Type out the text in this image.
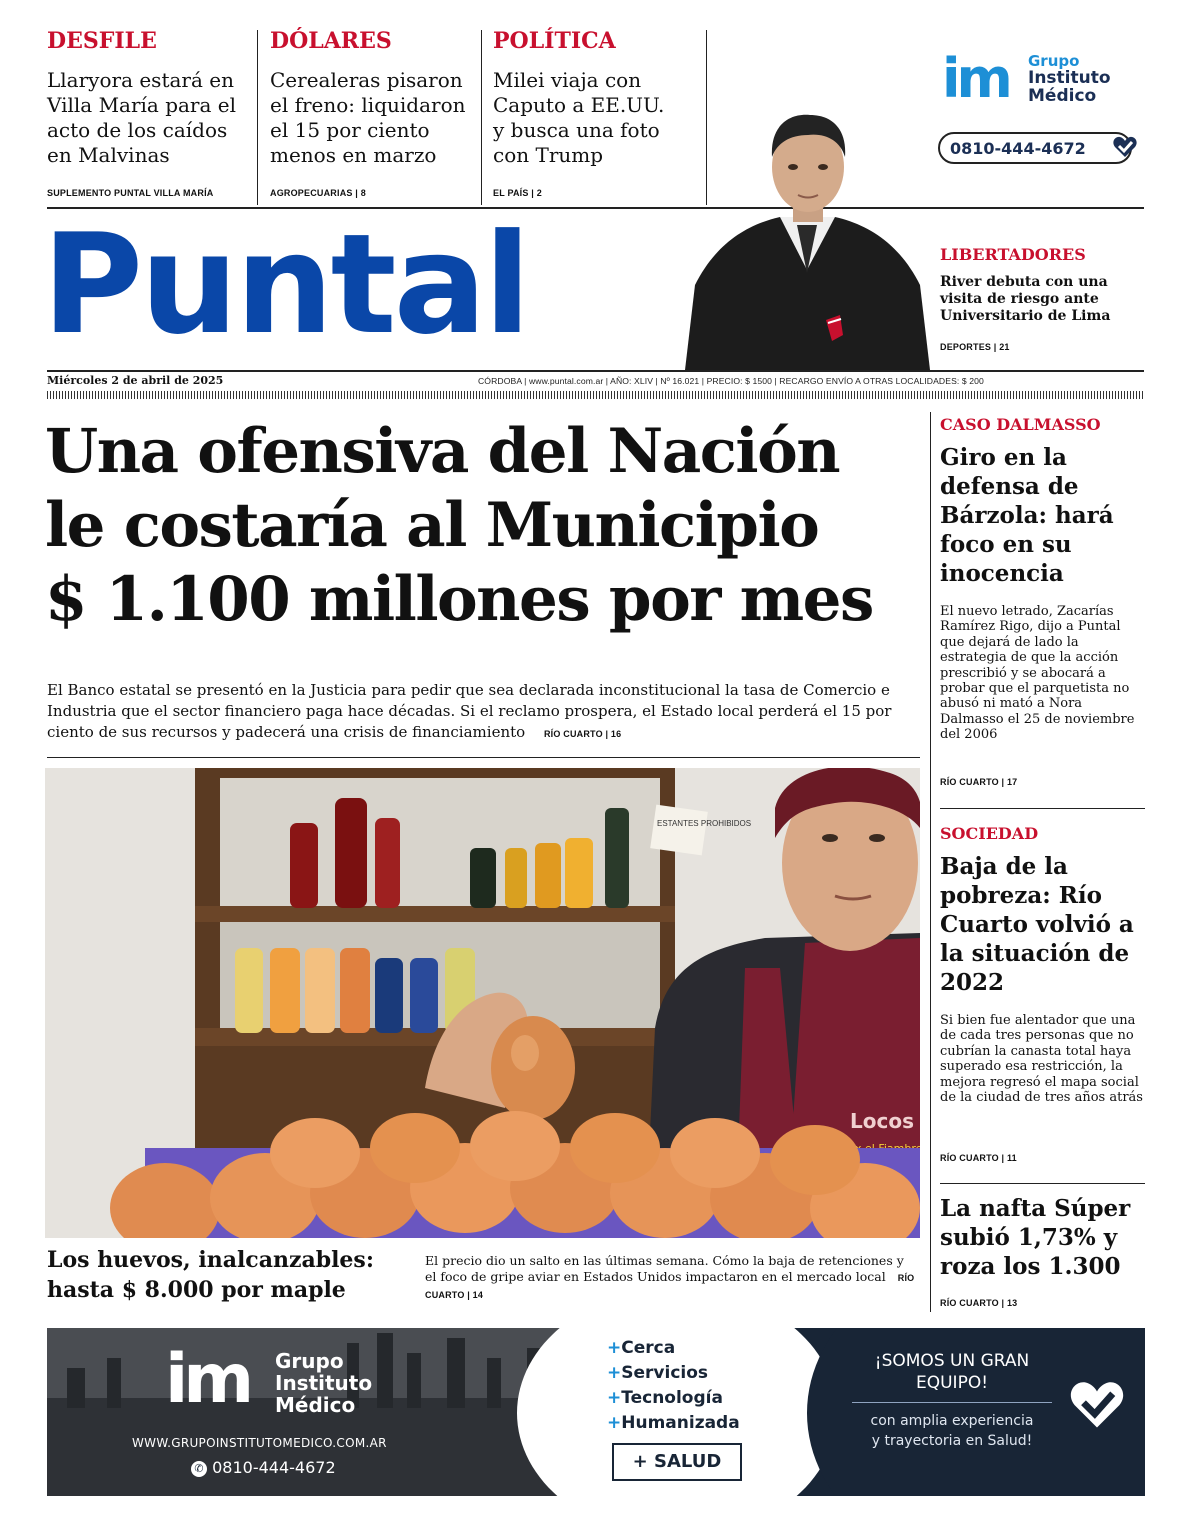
DESFILE
Llaryora estará en Villa María para el acto de los caídos en Malvinas
SUPLEMENTO PUNTAL VILLA MARÍA
DÓLARES
Cerealeras pisaron el freno: liquidaron el 15 por ciento menos en marzo
AGROPECUARIAS | 8
POLÍTICA
Milei viaja con Caputo a EE.UU. y busca una foto con Trump
EL PAÍS | 2
im Grupo
Instituto
Médico
0810-444-4672
Puntal	LIBERTADORES
River debuta con una visita de riesgo ante Universitario de Lima
DEPORTES | 21
Miércoles 2 de abril de 2025	CÓRDOBA | www.puntal.com.ar | AÑO: XLIV | Nº 16.021 | PRECIO: $ 1500 | RECARGO ENVÍO A OTRAS LOCALIDADES: $ 200
Una ofensiva del Nación
le costaría al Municipio
$ 1.100 millones por mes
El Banco estatal se presentó en la Justicia para pedir que sea declarada inconstitucional la tasa de Comercio e Industria que el sector financiero paga hace décadas. Si el reclamo prospera, el Estado local perderá el 15 por ciento de sus recursos y padecerá una crisis de financiamiento RÍO CUARTO | 16
ESTANTES PROHIBIDOS
Locos
Los huevos, inalcanzables: hasta $ 8.000 por maple
El precio dio un salto en las últimas semana. Cómo la baja de retenciones y el foco de gripe aviar en Estados Unidos impactaron en el mercado local RÍO CUARTO | 14
CASO DALMASSO
Giro en la defensa de Bárzola: hará foco en su inocencia
El nuevo letrado, Zacarías Ramírez Rigo, dijo a Puntal que dejará de lado la estrategia de que la acción prescribió y se abocará a probar que el parquetista no abusó ni mató a Nora Dalmasso el 25 de noviembre del 2006
RÍO CUARTO | 17
SOCIEDAD
Baja de la pobreza: Río Cuarto volvió a la situación de 2022
Si bien fue alentador que una de cada tres personas que no cubrían la canasta total haya superado esa restricción, la mejora regresó el mapa social de la ciudad de tres años atrás
RÍO CUARTO | 11
La nafta Súper subió 1,73% y roza los 1.300
RÍO CUARTO | 13
im Grupo
Instituto
Médico
WWW.GRUPOINSTITUTOMEDICO.COM.AR
✆ 0810-444-4672
+Cerca
+Servicios
+Tecnología
+Humanizada
+ SALUD
¡SOMOS UN GRAN
EQUIPO!
con amplia experiencia
y trayectoria en Salud!
